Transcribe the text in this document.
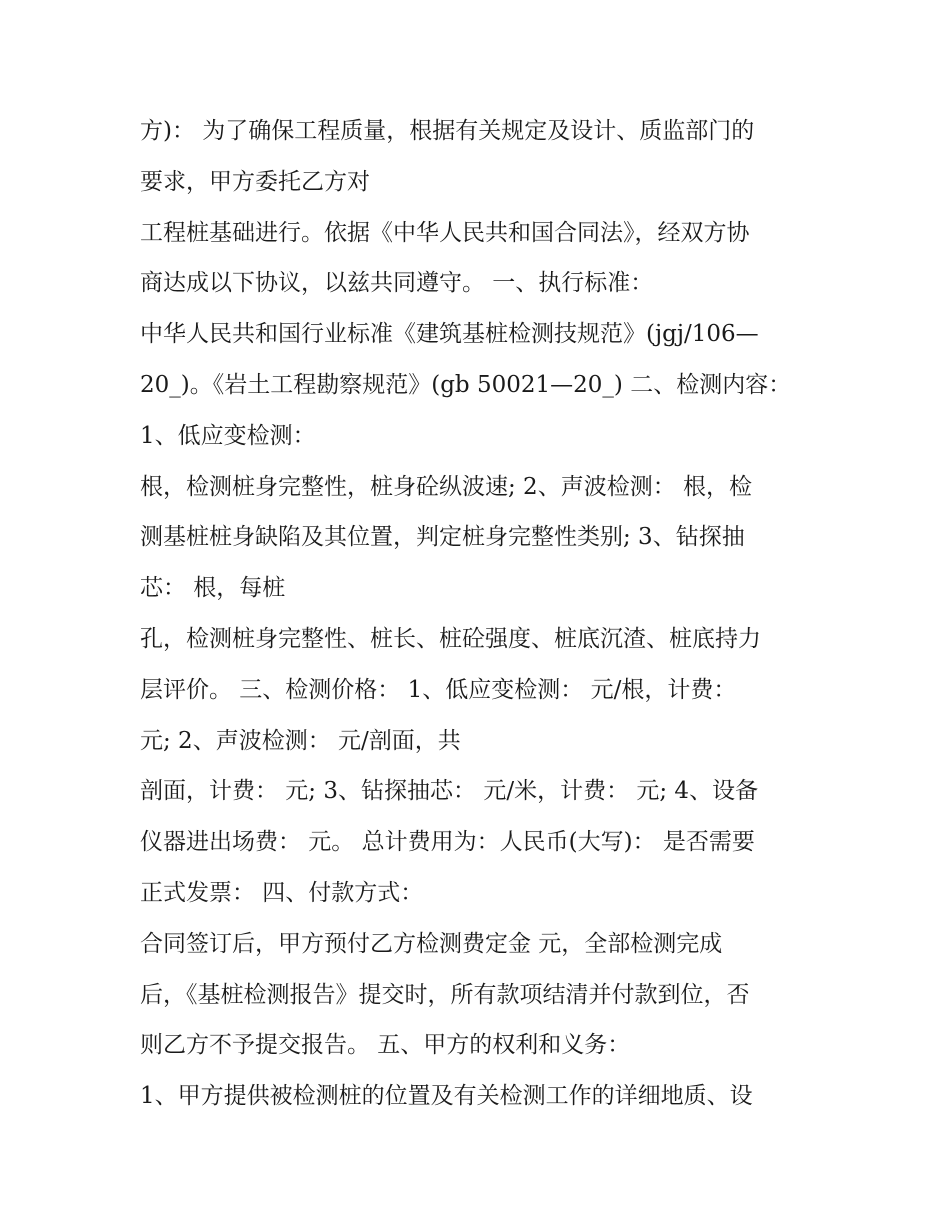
方)： 为了确保工程质量，根据有关规定及设计、质监部门的
要求，甲方委托乙方对
工程桩基础进行。依据《中华人民共和国合同法》，经双方协
商达成以下协议，以兹共同遵守。 一、执行标准：
中华人民共和国行业标准《建筑基桩检测技规范》(jgj/106—
20_)。《岩土工程勘察规范》(gb 50021—20_) 二、检测内容：
1、低应变检测：
根，检测桩身完整性，桩身砼纵波速; 2、声波检测： 根，检
测基桩桩身缺陷及其位置，判定桩身完整性类别; 3、钻探抽
芯： 根，每桩
孔，检测桩身完整性、桩长、桩砼强度、桩底沉渣、桩底持力
层评价。 三、检测价格： 1、低应变检测： 元/根，计费：
元; 2、声波检测： 元/剖面，共
剖面，计费： 元; 3、钻探抽芯： 元/米，计费： 元; 4、设备
仪器进出场费： 元。 总计费用为：人民币(大写)： 是否需要
正式发票： 四、付款方式：
合同签订后，甲方预付乙方检测费定金 元，全部检测完成
后，《基桩检测报告》提交时，所有款项结清并付款到位，否
则乙方不予提交报告。 五、甲方的权利和义务：
1、甲方提供被检测桩的位置及有关检测工作的详细地质、设
